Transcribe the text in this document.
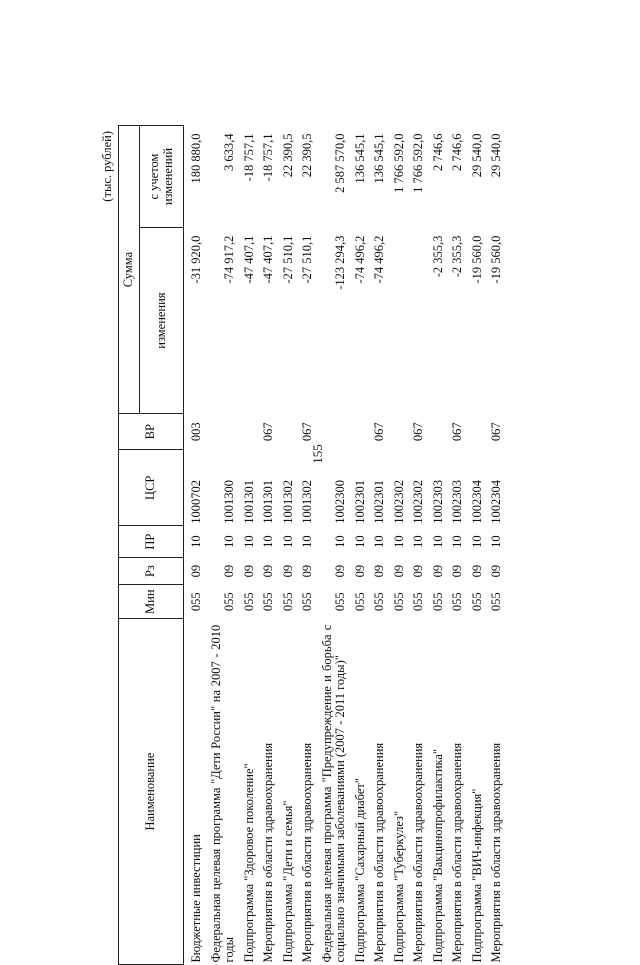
155
(тыс. рублей)
Наименование	Мин	Рз	ПР	ЦСР	ВР	Сумма	
						изменения	с учетом изменений
Бюджетные инвестиции	055	09	10	1000702	003	-31 920,0	180 880,0
Федеральная целевая программа "Дети России" на 2007 - 2010 годы	055	09	10	1001300		-74 917,2	3 633,4
Подпрограмма "Здоровое поколение"	055	09	10	1001301		-47 407,1	-18 757,1
Мероприятия в области здравоохранения	055	09	10	1001301	067	-47 407,1	-18 757,1
Подпрограмма "Дети и семья"	055	09	10	1001302		-27 510,1	22 390,5
Мероприятия в области здравоохранения	055	09	10	1001302	067	-27 510,1	22 390,5
Федеральная целевая программа "Предупреждение и борьба с социально значимыми заболеваниями (2007 - 2011 годы)"	055	09	10	1002300		-123 294,3	2 587 570,0
Подпрограмма "Сахарный диабет"	055	09	10	1002301		-74 496,2	136 545,1
Мероприятия в области здравоохранения	055	09	10	1002301	067	-74 496,2	136 545,1
Подпрограмма "Туберкулез"	055	09	10	1002302			1 766 592,0
Мероприятия в области здравоохранения	055	09	10	1002302	067		1 766 592,0
Подпрограмма "Вакцинопрофилактика"	055	09	10	1002303		-2 355,3	2 746,6
Мероприятия в области здравоохранения	055	09	10	1002303	067	-2 355,3	2 746,6
Подпрограмма "ВИЧ-инфекция"	055	09	10	1002304		-19 560,0	29 540,0
Мероприятия в области здравоохранения	055	09	10	1002304	067	-19 560,0	29 540,0
